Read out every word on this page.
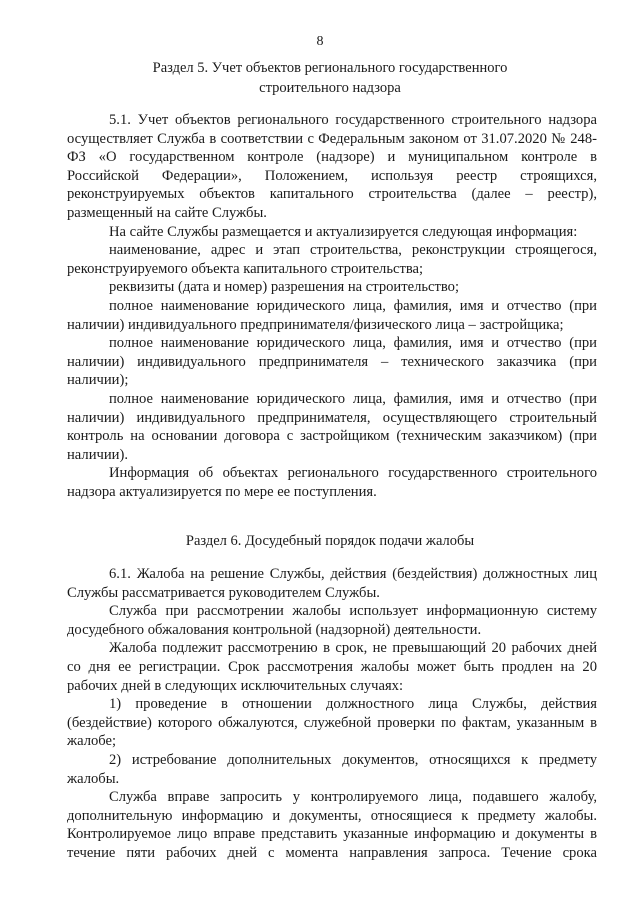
8
Раздел 5. Учет объектов регионального государственного строительного надзора

5.1. Учет объектов регионального государственного строительного надзора осуществляет Служба в соответствии с Федеральным законом от 31.07.2020 № 248-ФЗ «О государственном контроле (надзоре) и муниципальном контроле в Российской Федерации», Положением, используя реестр строящихся, реконструируемых объектов капитального строительства (далее – реестр), размещенный на сайте Службы.

На сайте Службы размещается и актуализируется следующая информация:

наименование, адрес и этап строительства, реконструкции строящегося, реконструируемого объекта капитального строительства;

реквизиты (дата и номер) разрешения на строительство;

полное наименование юридического лица, фамилия, имя и отчество (при наличии) индивидуального предпринимателя/физического лица – застройщика;

полное наименование юридического лица, фамилия, имя и отчество (при наличии) индивидуального предпринимателя – технического заказчика (при наличии);

полное наименование юридического лица, фамилия, имя и отчество (при наличии) индивидуального предпринимателя, осуществляющего строительный контроль на основании договора с застройщиком (техническим заказчиком) (при наличии).

Информация об объектах регионального государственного строительного надзора актуализируется по мере ее поступления.

Раздел 6. Досудебный порядок подачи жалобы

6.1. Жалоба на решение Службы, действия (бездействия) должностных лиц Службы рассматривается руководителем Службы.

Служба при рассмотрении жалобы использует информационную систему досудебного обжалования контрольной (надзорной) деятельности.

Жалоба подлежит рассмотрению в срок, не превышающий 20 рабочих дней со дня ее регистрации. Срок рассмотрения жалобы может быть продлен на 20 рабочих дней в следующих исключительных случаях:

1) проведение в отношении должностного лица Службы, действия (бездействие) которого обжалуются, служебной проверки по фактам, указанным в жалобе;

2) истребование дополнительных документов, относящихся к предмету жалобы.

Служба вправе запросить у контролируемого лица, подавшего жалобу, дополнительную информацию и документы, относящиеся к предмету жалобы. Контролируемое лицо вправе представить указанные информацию и документы в течение пяти рабочих дней с момента направления запроса. Течение срока
